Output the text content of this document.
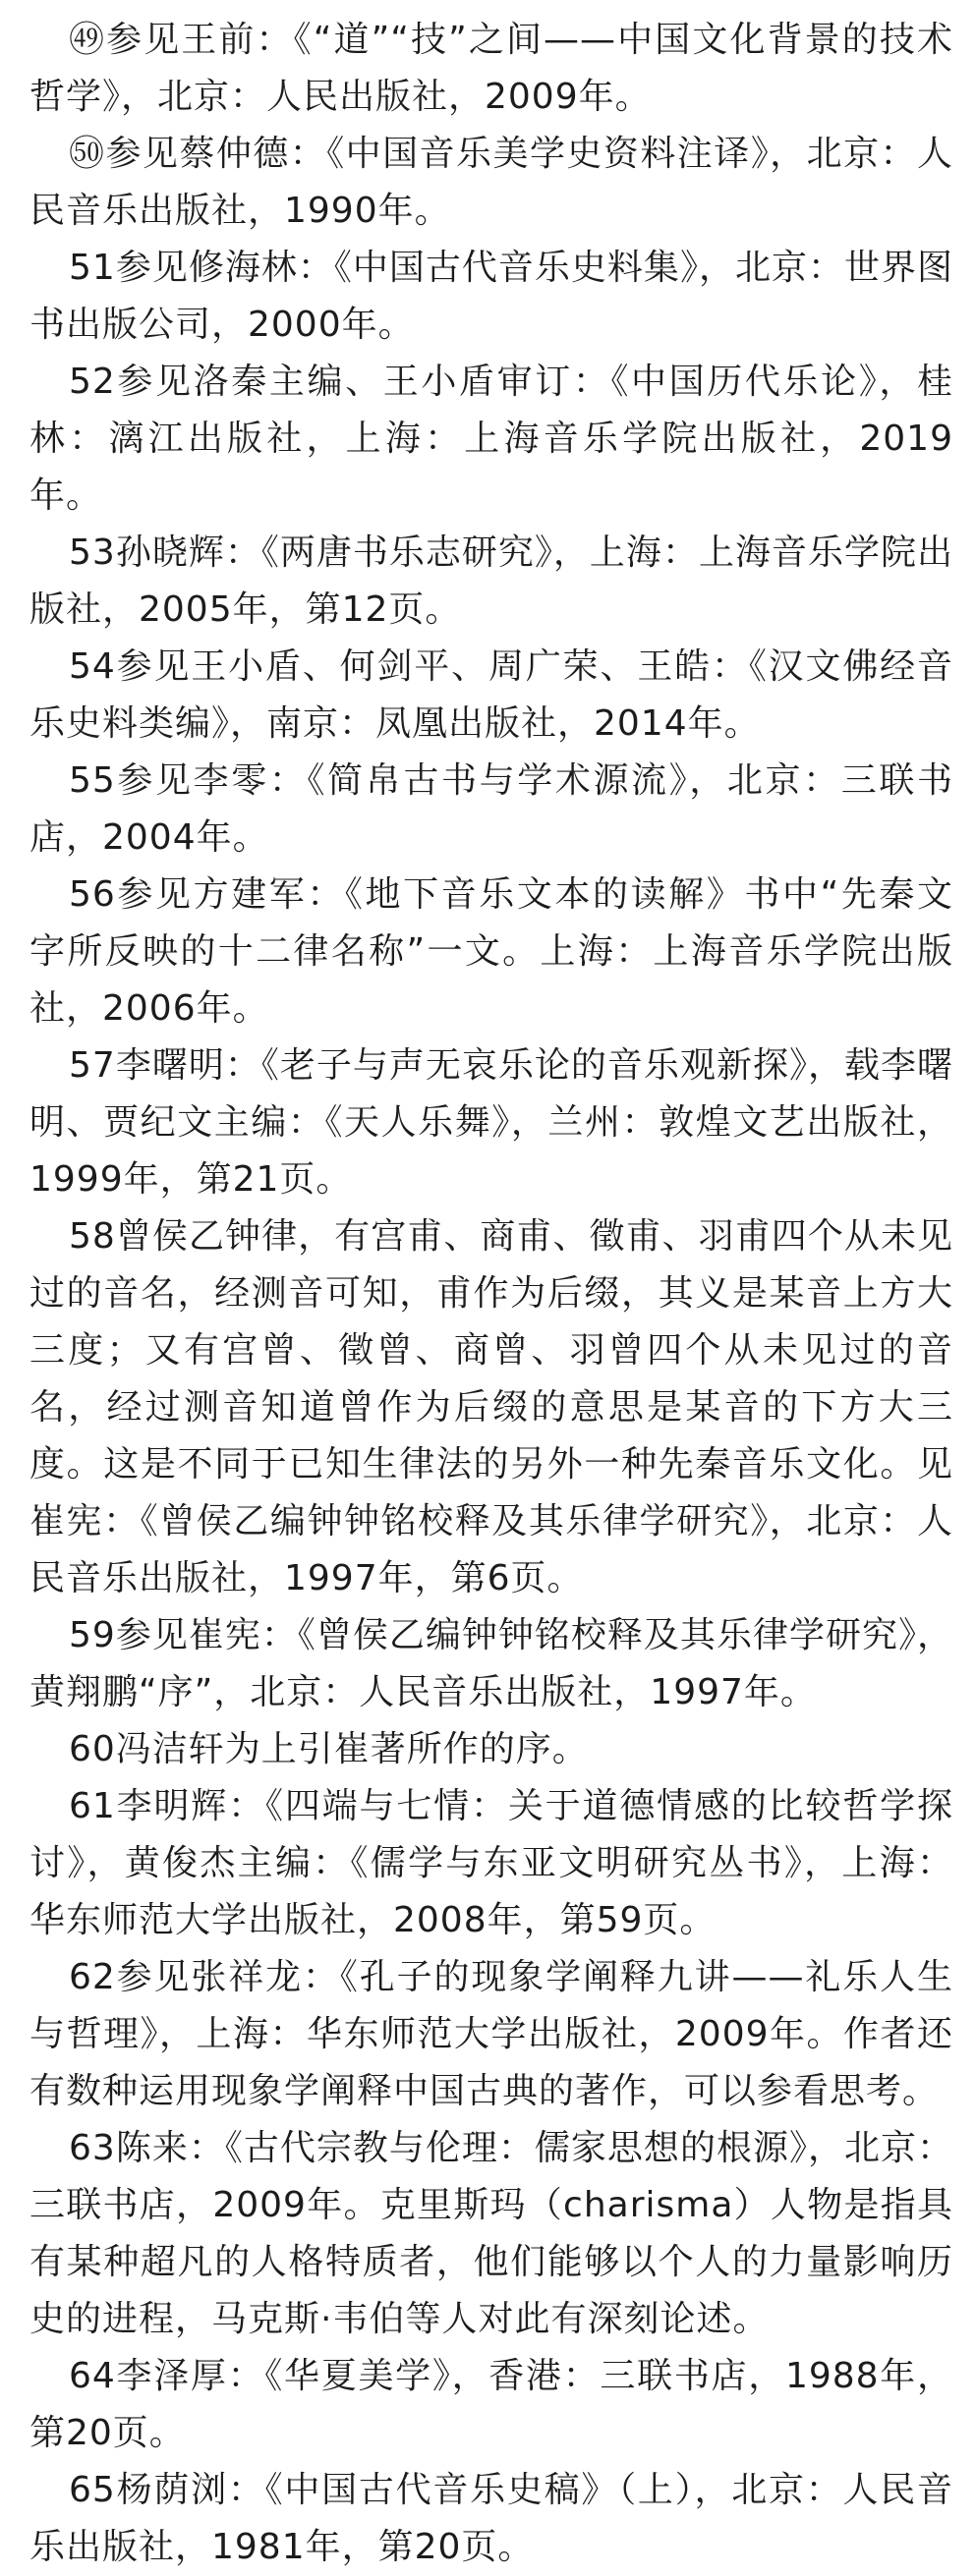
㊾参见王前：《“道”“技”之间——中国文化背景的技术哲学》，北京：人民出版社，2009年。

㊿参见蔡仲德：《中国音乐美学史资料注译》，北京：人民音乐出版社，1990年。

51参见修海林：《中国古代音乐史料集》，北京：世界图书出版公司，2000年。

52参见洛秦主编、王小盾审订：《中国历代乐论》，桂林：漓江出版社，上海：上海音乐学院出版社，2019年。

53孙晓辉：《两唐书乐志研究》，上海：上海音乐学院出版社，2005年，第12页。

54参见王小盾、何剑平、周广荣、王皓：《汉文佛经音乐史料类编》，南京：凤凰出版社，2014年。

55参见李零：《简帛古书与学术源流》，北京：三联书店，2004年。

56参见方建军：《地下音乐文本的读解》书中“先秦文字所反映的十二律名称”一文。上海：上海音乐学院出版社，2006年。

57李曙明：《老子与声无哀乐论的音乐观新探》，载李曙明、贾纪文主编：《天人乐舞》，兰州：敦煌文艺出版社，1999年，第21页。

58曾侯乙钟律，有宫甫、商甫、徵甫、羽甫四个从未见过的音名，经测音可知，甫作为后缀，其义是某音上方大三度；又有宫曾、徵曾、商曾、羽曾四个从未见过的音名，经过测音知道曾作为后缀的意思是某音的下方大三度。这是不同于已知生律法的另外一种先秦音乐文化。见崔宪：《曾侯乙编钟钟铭校释及其乐律学研究》，北京：人民音乐出版社，1997年，第6页。

59参见崔宪：《曾侯乙编钟钟铭校释及其乐律学研究》，黄翔鹏“序”，北京：人民音乐出版社，1997年。

60冯洁轩为上引崔著所作的序。

61李明辉：《四端与七情：关于道德情感的比较哲学探讨》，黄俊杰主编：《儒学与东亚文明研究丛书》，上海：华东师范大学出版社，2008年，第59页。

62参见张祥龙：《孔子的现象学阐释九讲——礼乐人生与哲理》，上海：华东师范大学出版社，2009年。作者还有数种运用现象学阐释中国古典的著作，可以参看思考。

63陈来：《古代宗教与伦理：儒家思想的根源》，北京：三联书店，2009年。克里斯玛（charisma）人物是指具有某种超凡的人格特质者，他们能够以个人的力量影响历史的进程，马克斯·韦伯等人对此有深刻论述。

64李泽厚：《华夏美学》，香港：三联书店，1988年，第20页。

65杨荫浏：《中国古代音乐史稿》（上），北京：人民音乐出版社，1981年，第20页。
